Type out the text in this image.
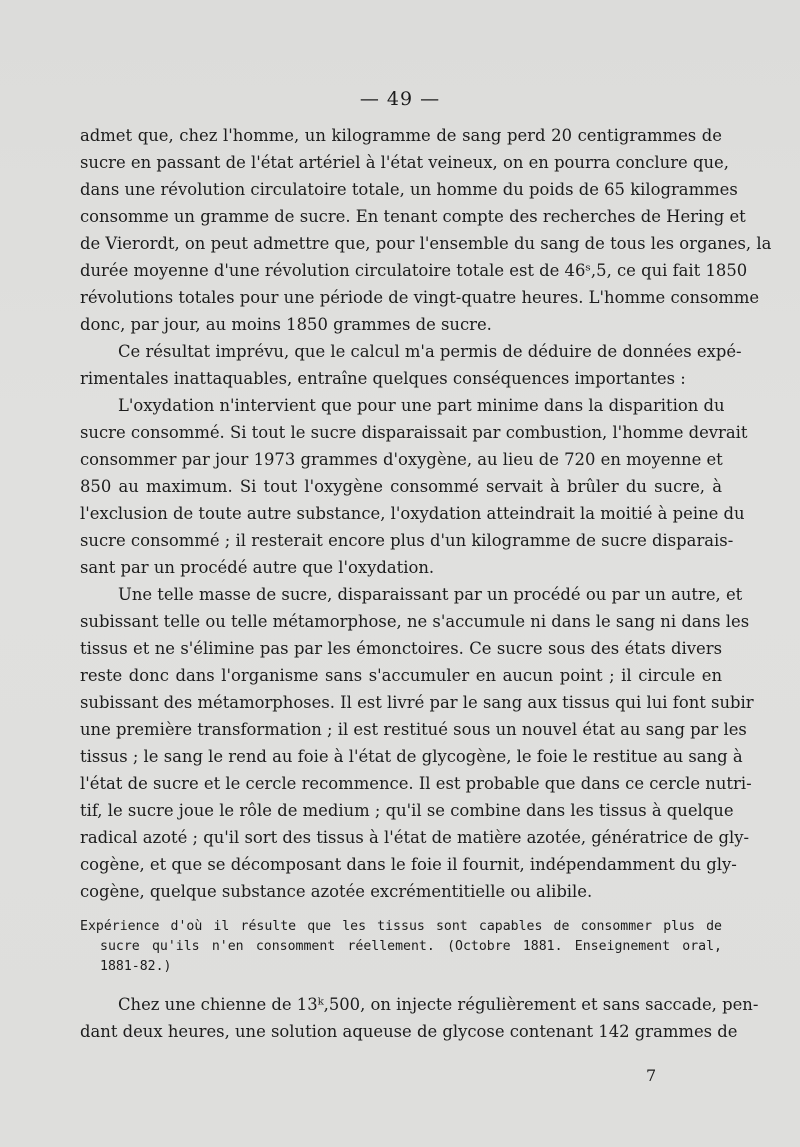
— 49 —
admet que, chez l'homme, un kilogramme de sang perd 20 centigrammes de
sucre en passant de l'état artériel à l'état veineux, on en pourra conclure que,
dans une révolution circulatoire totale, un homme du poids de 65 kilogrammes
consomme un gramme de sucre. En tenant compte des recherches de Hering et
de Vierordt, on peut admettre que, pour l'ensemble du sang de tous les organes, la
durée moyenne d'une révolution circulatoire totale est de 46ˢ,5, ce qui fait 1850
révolutions totales pour une période de vingt-quatre heures. L'homme consomme
donc, par jour, au moins 1850 grammes de sucre.
Ce résultat imprévu, que le calcul m'a permis de déduire de données expé-
rimentales inattaquables, entraîne quelques conséquences importantes :
L'oxydation n'intervient que pour une part minime dans la disparition du
sucre consommé. Si tout le sucre disparaissait par combustion, l'homme devrait
consommer par jour 1973 grammes d'oxygène, au lieu de 720 en moyenne et
850 au maximum. Si tout l'oxygène consommé servait à brûler du sucre, à
l'exclusion de toute autre substance, l'oxydation atteindrait la moitié à peine du
sucre consommé ; il resterait encore plus d'un kilogramme de sucre disparais-
sant par un procédé autre que l'oxydation.
Une telle masse de sucre, disparaissant par un procédé ou par un autre, et
subissant telle ou telle métamorphose, ne s'accumule ni dans le sang ni dans les
tissus et ne s'élimine pas par les émonctoires. Ce sucre sous des états divers
reste donc dans l'organisme sans s'accumuler en aucun point ; il circule en
subissant des métamorphoses. Il est livré par le sang aux tissus qui lui font subir
une première transformation ; il est restitué sous un nouvel état au sang par les
tissus ; le sang le rend au foie à l'état de glycogène, le foie le restitue au sang à
l'état de sucre et le cercle recommence. Il est probable que dans ce cercle nutri-
tif, le sucre joue le rôle de medium ; qu'il se combine dans les tissus à quelque
radical azoté ; qu'il sort des tissus à l'état de matière azotée, génératrice de gly-
cogène, et que se décomposant dans le foie il fournit, indépendamment du gly-
cogène, quelque substance azotée excrémentitielle ou alibile.
Expérience d'où il résulte que les tissus sont capables de consommer plus de
sucre qu'ils n'en consomment réellement. (Octobre 1881. Enseignement oral,
1881-82.)
Chez une chienne de 13ᵏ,500, on injecte régulièrement et sans saccade, pen-
dant deux heures, une solution aqueuse de glycose contenant 142 grammes de
7
